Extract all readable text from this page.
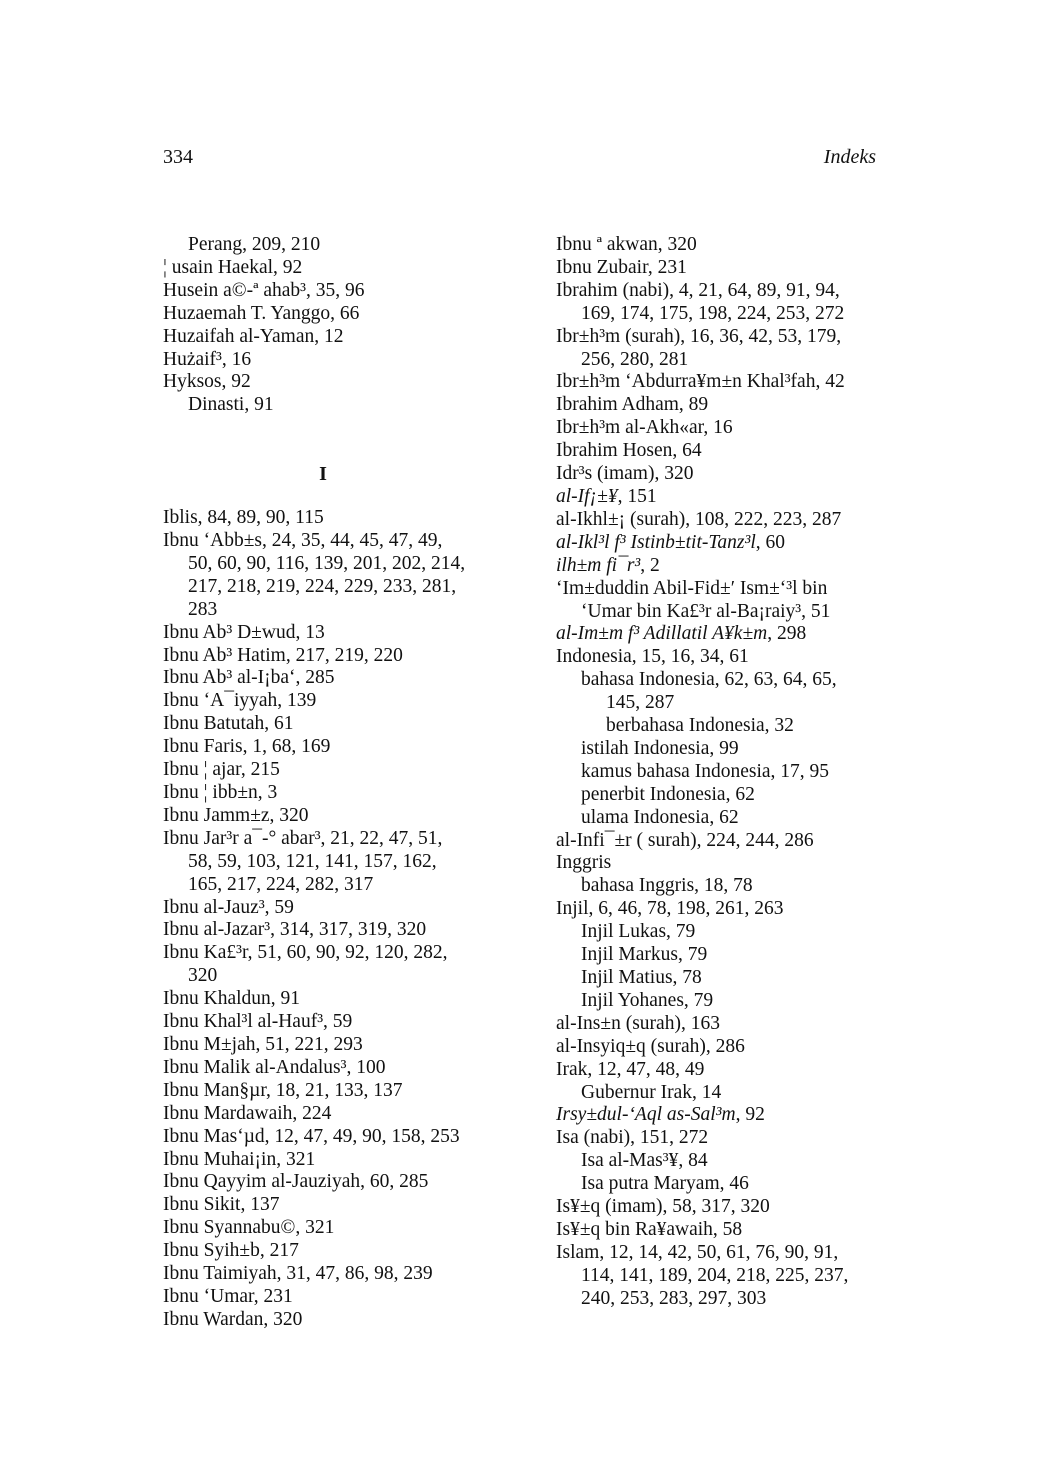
334	Indeks
Perang, 209, 210
¦ usain Haekal, 92
Husein a©-ª ahab³, 35, 96
Huzaemah T. Yanggo, 66
Huzaifah al-Yaman, 12
Hużaif³, 16
Hyksos, 92
Dinasti, 91
I
Iblis, 84, 89, 90, 115
Ibnu ‘Abb±s, 24, 35, 44, 45, 47, 49,
50, 60, 90, 116, 139, 201, 202, 214,
217, 218, 219, 224, 229, 233, 281,
283
Ibnu Ab³ D±wud, 13
Ibnu Ab³ Hatim, 217, 219, 220
Ibnu Ab³ al-I¡ba‘, 285
Ibnu ‘A¯iyyah, 139
Ibnu Batutah, 61
Ibnu Faris, 1, 68, 169
Ibnu ¦ ajar, 215
Ibnu ¦ ibb±n, 3
Ibnu Jamm±z, 320
Ibnu Jar³r a¯-° abar³, 21, 22, 47, 51,
58, 59, 103, 121, 141, 157, 162,
165, 217, 224, 282, 317
Ibnu al-Jauz³, 59
Ibnu al-Jazar³, 314, 317, 319, 320
Ibnu Ka£³r, 51, 60, 90, 92, 120, 282,
320
Ibnu Khaldun, 91
Ibnu Khal³l al-Hauf³, 59
Ibnu M±jah, 51, 221, 293
Ibnu Malik al-Andalus³, 100
Ibnu Man§µr, 18, 21, 133, 137
Ibnu Mardawaih, 224
Ibnu Mas‘µd, 12, 47, 49, 90, 158, 253
Ibnu Muhai¡in, 321
Ibnu Qayyim al-Jauziyah, 60, 285
Ibnu Sikit, 137
Ibnu Syannabu©, 321
Ibnu Syih±b, 217
Ibnu Taimiyah, 31, 47, 86, 98, 239
Ibnu ‘Umar, 231
Ibnu Wardan, 320
Ibnu ª akwan, 320
Ibnu Zubair, 231
Ibrahim (nabi), 4, 21, 64, 89, 91, 94,
169, 174, 175, 198, 224, 253, 272
Ibr±h³m (surah), 16, 36, 42, 53, 179,
256, 280, 281
Ibr±h³m ‘Abdurra¥m±n Khal³fah, 42
Ibrahim Adham, 89
Ibr±h³m al-Akh«ar, 16
Ibrahim Hosen, 64
Idr³s (imam), 320
al-If¡±¥, 151
al-Ikhl±¡ (surah), 108, 222, 223, 287
al-Ikl³l f³ Istinb±tit-Tanz³l, 60
ilh±m fi¯r³, 2
‘Im±duddin Abil-Fid±′ Ism±‘³l bin
‘Umar bin Ka£³r al-Ba¡raiy³, 51
al-Im±m f³ Adillatil A¥k±m, 298
Indonesia, 15, 16, 34, 61
bahasa Indonesia, 62, 63, 64, 65,
145, 287
berbahasa Indonesia, 32
istilah Indonesia, 99
kamus bahasa Indonesia, 17, 95
penerbit Indonesia, 62
ulama Indonesia, 62
al-Infi¯±r ( surah), 224, 244, 286
Inggris
bahasa Inggris, 18, 78
Injil, 6, 46, 78, 198, 261, 263
Injil Lukas, 79
Injil Markus, 79
Injil Matius, 78
Injil Yohanes, 79
al-Ins±n (surah), 163
al-Insyiq±q (surah), 286
Irak, 12, 47, 48, 49
Gubernur Irak, 14
Irsy±dul-‘Aql as-Sal³m, 92
Isa (nabi), 151, 272
Isa al-Mas³¥, 84
Isa putra Maryam, 46
Is¥±q (imam), 58, 317, 320
Is¥±q bin Ra¥awaih, 58
Islam, 12, 14, 42, 50, 61, 76, 90, 91,
114, 141, 189, 204, 218, 225, 237,
240, 253, 283, 297, 303
